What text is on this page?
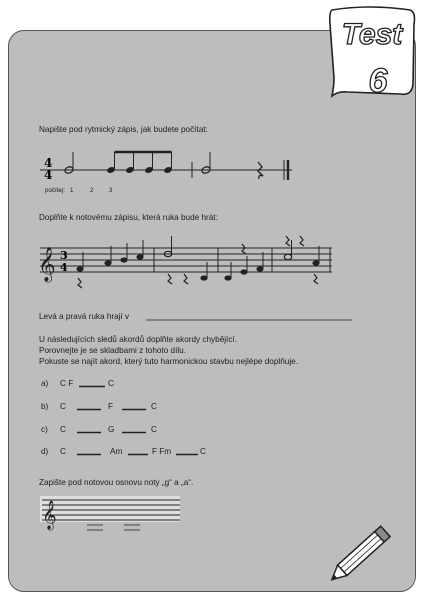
Test
6
Napište pod rytmický zápis, jak budete počítat:
4
4
počítej: 1	2	3
Doplňte k notovému zápisu, která ruka bude hrát:
𝄞 3
4
Levá a pravá ruka hrají v
U následujících sledů akordů doplňte akordy chybějící.
Porovnejte je se skladbami z tohoto dílu.
Pokuste se najít akord, který tuto harmonickou stavbu nejlépe doplňuje.
a) C F	C
b) C	F	C
c) C	G	C
d) C	Am	F Fm	C
Zapište pod notovou osnovu noty „g“ a „a“.
𝄞
